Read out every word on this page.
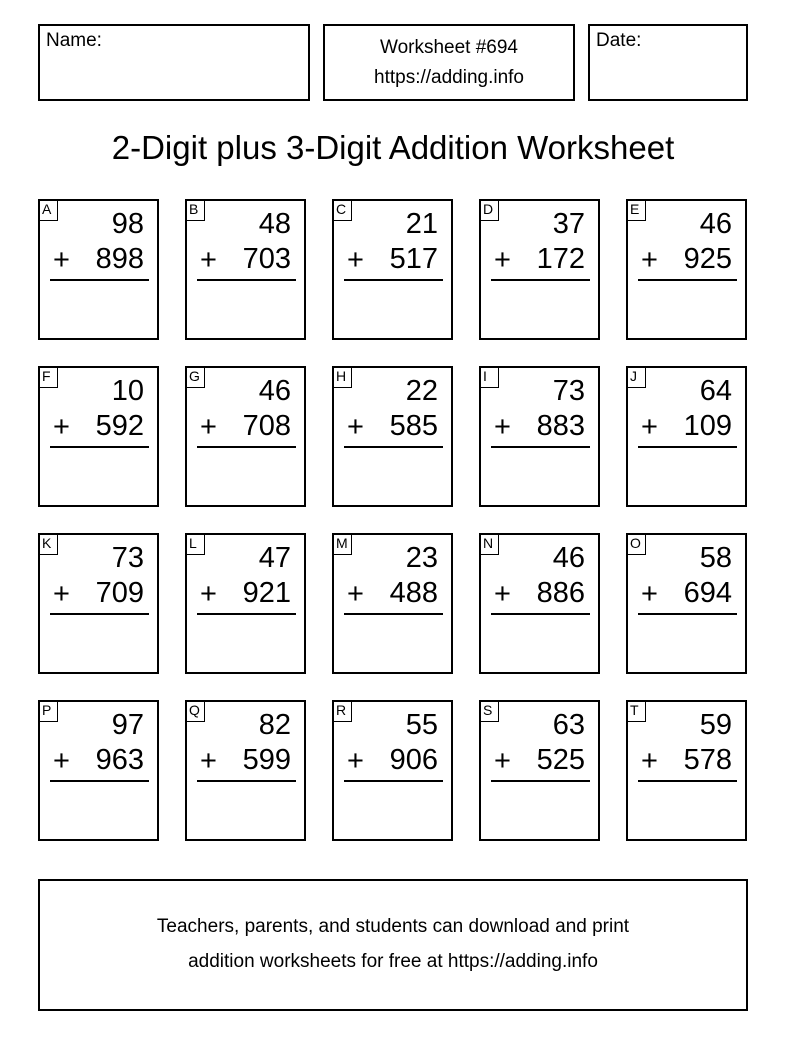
Name:	Worksheet #694
https://adding.info
Date:
2-Digit plus 3-Digit Addition Worksheet
A 98
+ 898
B 48
+ 703
C 21
+ 517
D 37
+ 172
E 46
+ 925
F 10
+ 592
G 46
+ 708
H 22
+ 585
I	73
+ 883
J	64
+ 109
K 73
+ 709
L 47
+ 921
M 23
+ 488
N 46
+ 886
O 58
+ 694
P 97
+ 963
Q 82
+ 599
R 55
+ 906
S 63
+ 525
T 59
+ 578
Teachers, parents, and students can download and print
addition worksheets for free at https://adding.info
